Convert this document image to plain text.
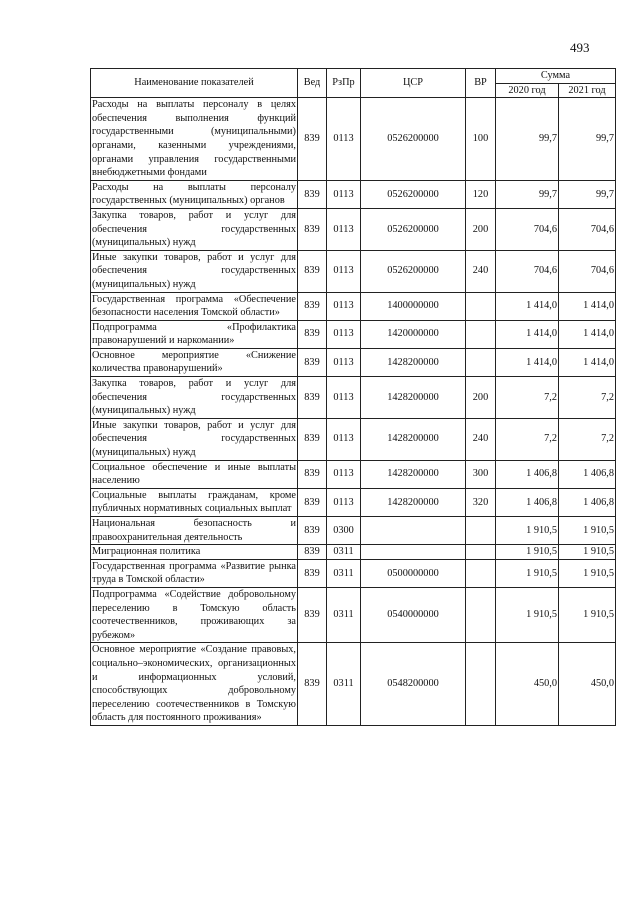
493
Наименование показателей	Вед	РзПр	ЦСР	ВР	Сумма	
					2020 год	2021 год
Расходы на выплаты персоналу в целях обеспечения выполнения функций государственными (муниципальными) органами, казенными учреждениями, органами управления государственными внебюджетными фондами	839	0113	0526200000	100	99,7	99,7
Расходы на выплаты персоналу государственных (муниципальных) органов	839	0113	0526200000	120	99,7	99,7
Закупка товаров, работ и услуг для обеспечения государственных (муниципальных) нужд	839	0113	0526200000	200	704,6	704,6
Иные закупки товаров, работ и услуг для обеспечения государственных (муниципальных) нужд	839	0113	0526200000	240	704,6	704,6
Государственная программа «Обеспечение безопасности населения Томской области»	839	0113	1400000000		1 414,0	1 414,0
Подпрограмма «Профилактика правонарушений и наркомании»	839	0113	1420000000		1 414,0	1 414,0
Основное мероприятие «Снижение количества правонарушений»	839	0113	1428200000		1 414,0	1 414,0
Закупка товаров, работ и услуг для обеспечения государственных (муниципальных) нужд	839	0113	1428200000	200	7,2	7,2
Иные закупки товаров, работ и услуг для обеспечения государственных (муниципальных) нужд	839	0113	1428200000	240	7,2	7,2
Социальное обеспечение и иные выплаты населению	839	0113	1428200000	300	1 406,8	1 406,8
Социальные выплаты гражданам, кроме публичных нормативных социальных выплат	839	0113	1428200000	320	1 406,8	1 406,8
Национальная безопасность и правоохранительная деятельность	839	0300			1 910,5	1 910,5
Миграционная политика	839	0311			1 910,5	1 910,5
Государственная программа «Развитие рынка труда в Томской области»	839	0311	0500000000		1 910,5	1 910,5
Подпрограмма «Содействие добровольному переселению в Томскую область соотечественников, проживающих за рубежом»	839	0311	0540000000		1 910,5	1 910,5
Основное мероприятие «Создание правовых, социально–экономических, организационных и информационных условий, способствующих добровольному переселению соотечественников в Томскую область для постоянного проживания»	839	0311	0548200000		450,0	450,0
